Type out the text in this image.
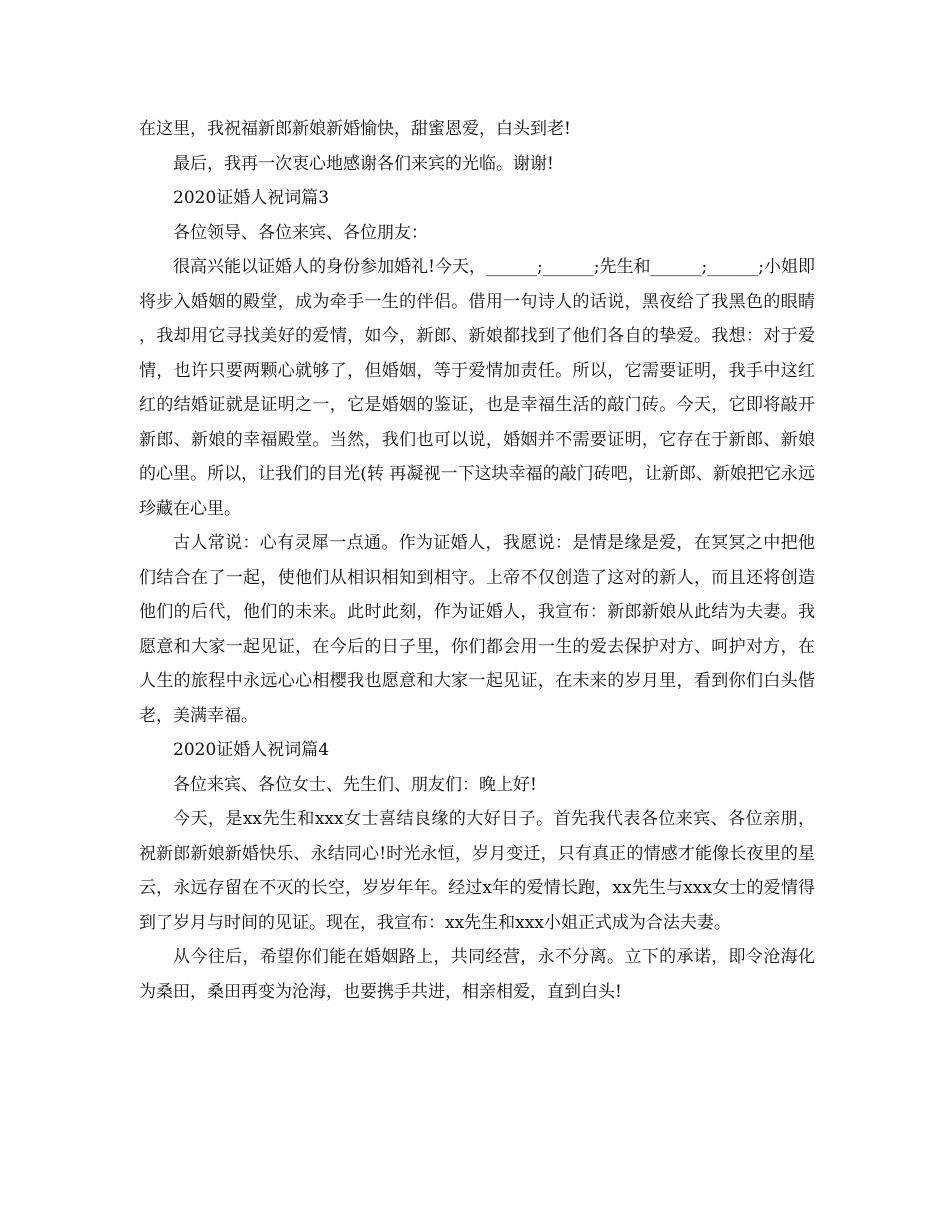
在这里，我祝福新郎新娘新婚愉快，甜蜜恩爱，白头到老!

最后，我再一次衷心地感谢各们来宾的光临。谢谢!

2020证婚人祝词篇3

各位领导、各位来宾、各位朋友：

很高兴能以证婚人的身份参加婚礼!今天，______;______;先生和______;______;小姐即将步入婚姻的殿堂，成为牵手一生的伴侣。借用一句诗人的话说，黑夜给了我黑色的眼睛，我却用它寻找美好的爱情，如今，新郎、新娘都找到了他们各自的挚爱。我想：对于爱情，也许只要两颗心就够了，但婚姻，等于爱情加责任。所以，它需要证明，我手中这红红的结婚证就是证明之一，它是婚姻的鉴证，也是幸福生活的敲门砖。今天，它即将敲开新郎、新娘的幸福殿堂。当然，我们也可以说，婚姻并不需要证明，它存在于新郎、新娘的心里。所以，让我们的目光(转 再凝视一下这块幸福的敲门砖吧，让新郎、新娘把它永远珍藏在心里。

古人常说：心有灵犀一点通。作为证婚人，我愿说：是情是缘是爱，在冥冥之中把他们结合在了一起，使他们从相识相知到相守。上帝不仅创造了这对的新人，而且还将创造他们的后代，他们的未来。此时此刻，作为证婚人，我宣布：新郎新娘从此结为夫妻。我愿意和大家一起见证，在今后的日子里，你们都会用一生的爱去保护对方、呵护对方，在人生的旅程中永远心心相樱我也愿意和大家一起见证，在未来的岁月里，看到你们白头偕老，美满幸福。

2020证婚人祝词篇4

各位来宾、各位女士、先生们、朋友们：晚上好!

今天，是xx先生和xxx女士喜结良缘的大好日子。首先我代表各位来宾、各位亲朋，祝新郎新娘新婚快乐、永结同心!时光永恒，岁月变迁，只有真正的情感才能像长夜里的星云，永远存留在不灭的长空，岁岁年年。经过x年的爱情长跑，xx先生与xxx女士的爱情得到了岁月与时间的见证。现在，我宣布：xx先生和xxx小姐正式成为合法夫妻。

从今往后，希望你们能在婚姻路上，共同经营，永不分离。立下的承诺，即令沧海化为桑田，桑田再变为沧海，也要携手共进，相亲相爱，直到白头!
